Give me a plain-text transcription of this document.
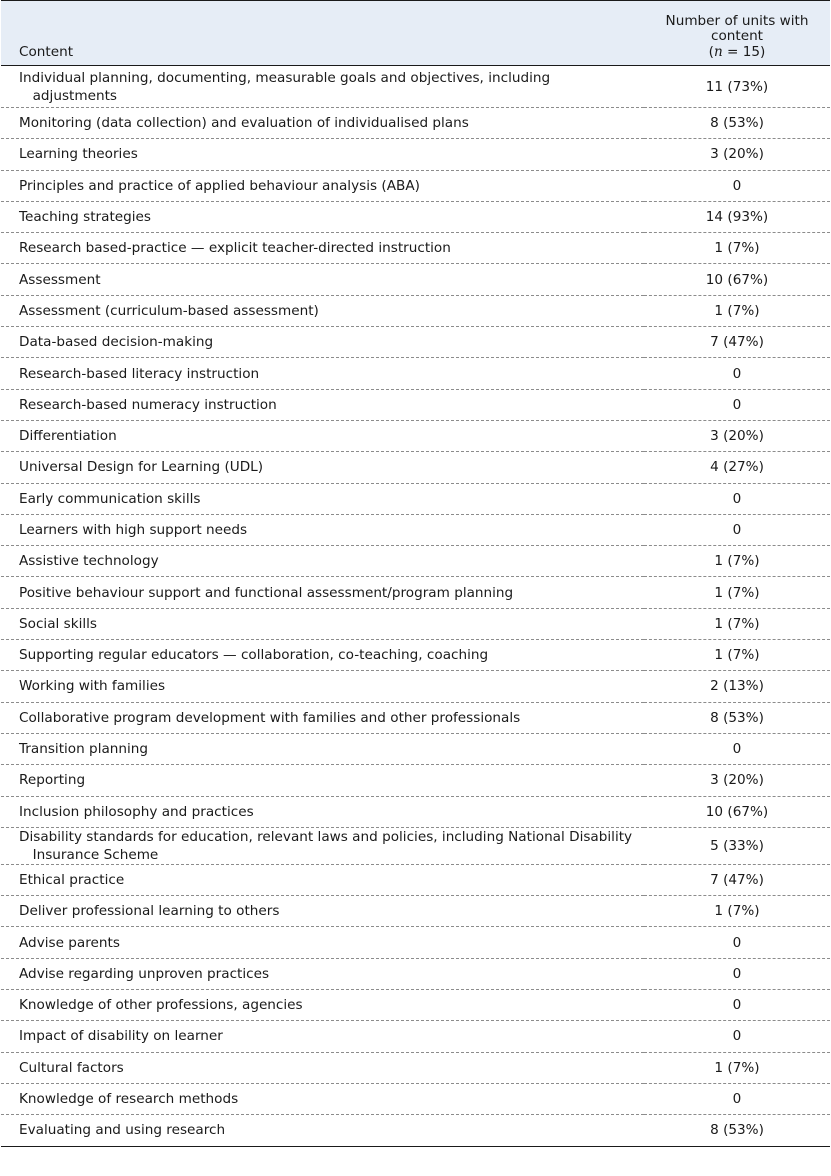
Content	Number of units with
content
(n = 15)
Individual planning, documenting, measurable goals and objectives, including adjustments	11 (73%)
Monitoring (data collection) and evaluation of individualised plans	8 (53%)
Learning theories	3 (20%)
Principles and practice of applied behaviour analysis (ABA)	0
Teaching strategies	14 (93%)
Research based-practice — explicit teacher-directed instruction	1 (7%)
Assessment	10 (67%)
Assessment (curriculum-based assessment)	1 (7%)
Data-based decision-making	7 (47%)
Research-based literacy instruction	0
Research-based numeracy instruction	0
Differentiation	3 (20%)
Universal Design for Learning (UDL)	4 (27%)
Early communication skills	0
Learners with high support needs	0
Assistive technology	1 (7%)
Positive behaviour support and functional assessment/program planning	1 (7%)
Social skills	1 (7%)
Supporting regular educators — collaboration, co-teaching, coaching	1 (7%)
Working with families	2 (13%)
Collaborative program development with families and other professionals	8 (53%)
Transition planning	0
Reporting	3 (20%)
Inclusion philosophy and practices	10 (67%)
Disability standards for education, relevant laws and policies, including National Disability Insurance Scheme	5 (33%)
Ethical practice	7 (47%)
Deliver professional learning to others	1 (7%)
Advise parents	0
Advise regarding unproven practices	0
Knowledge of other professions, agencies	0
Impact of disability on learner	0
Cultural factors	1 (7%)
Knowledge of research methods	0
Evaluating and using research	8 (53%)
